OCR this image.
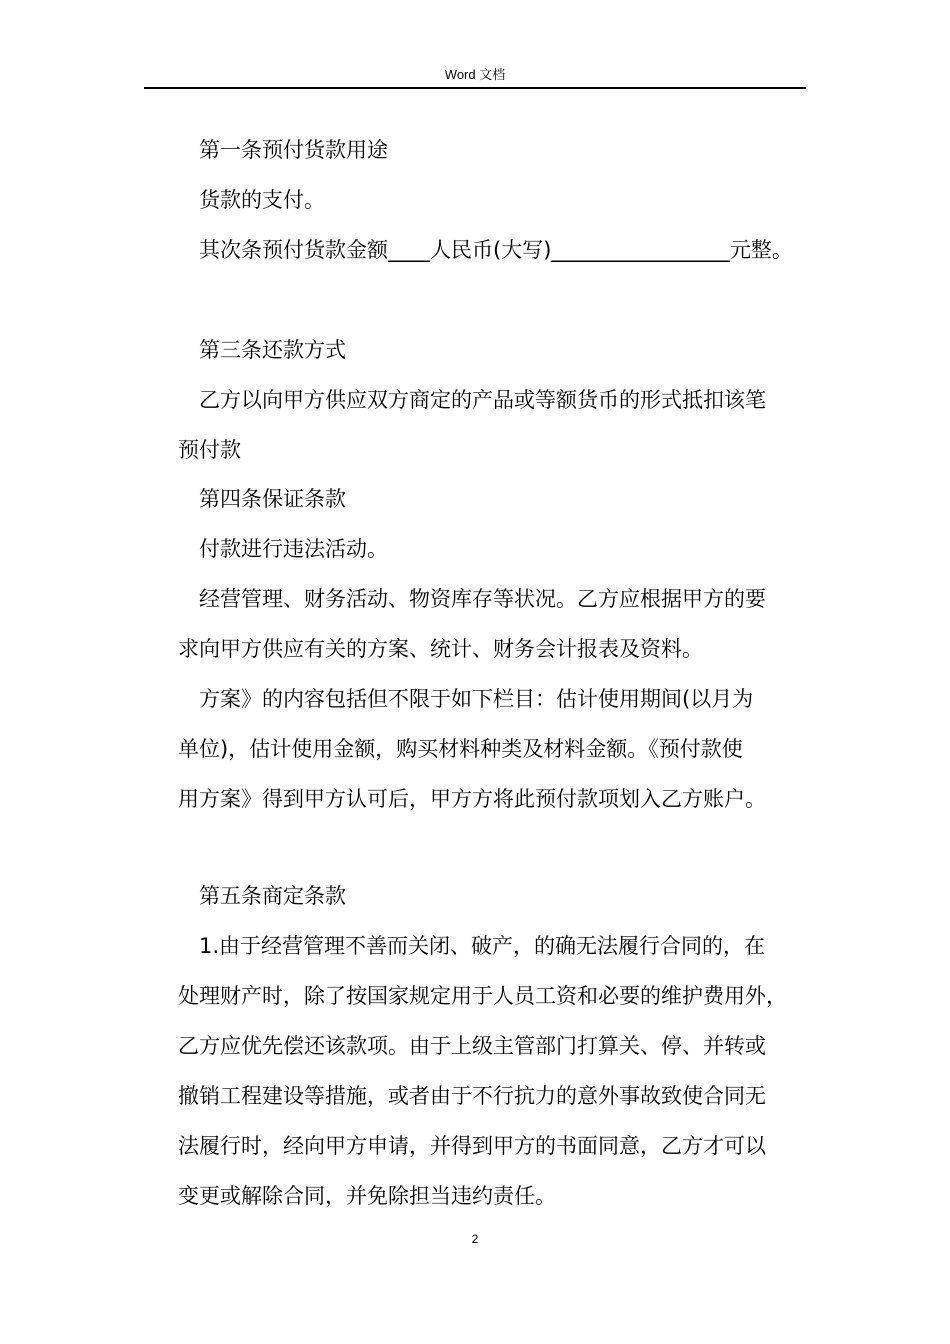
Word 文档
第一条预付货款用途
货款的支付。
其次条预付货款金额____人民币(大写)_________________元整。
第三条还款方式
乙方以向甲方供应双方商定的产品或等额货币的形式抵扣该笔
预付款
第四条保证条款
付款进行违法活动。
经营管理、财务活动、物资库存等状况。乙方应根据甲方的要
求向甲方供应有关的方案、统计、财务会计报表及资料。
方案》的内容包括但不限于如下栏目：估计使用期间(以月为
单位)，估计使用金额，购买材料种类及材料金额。《预付款使
用方案》得到甲方认可后，甲方方将此预付款项划入乙方账户。
第五条商定条款
1.由于经营管理不善而关闭、破产，的确无法履行合同的，在
处理财产时，除了按国家规定用于人员工资和必要的维护费用外，
乙方应优先偿还该款项。由于上级主管部门打算关、停、并转或
撤销工程建设等措施，或者由于不行抗力的意外事故致使合同无
法履行时，经向甲方申请，并得到甲方的书面同意，乙方才可以
变更或解除合同，并免除担当违约责任。
2
